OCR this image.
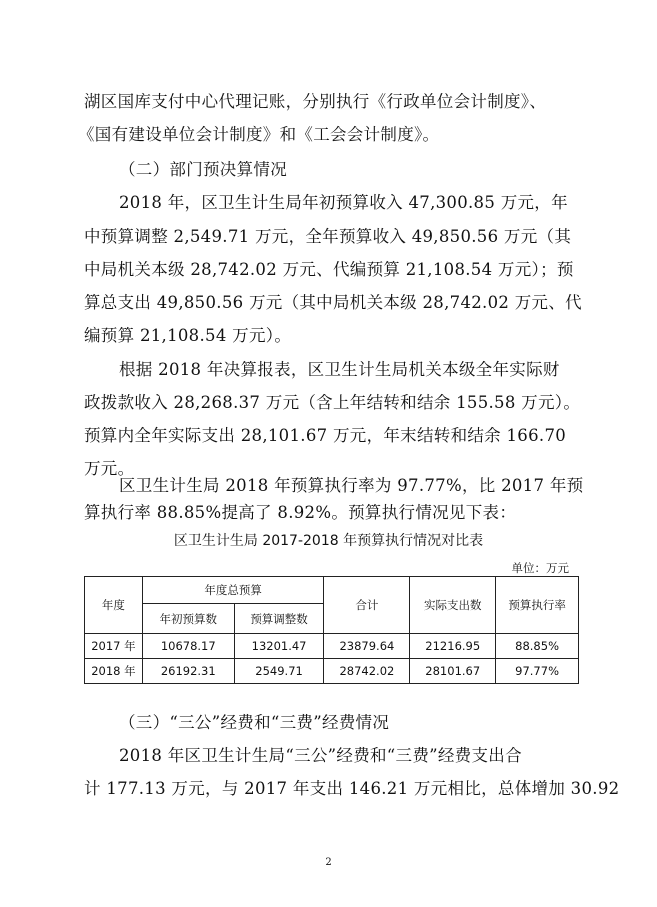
湖区国库支付中心代理记账，分别执行《行政单位会计制度》、
《国有建设单位会计制度》和《工会会计制度》。
（二）部门预决算情况
2018 年，区卫生计生局年初预算收入 47,300.85 万元，年
中预算调整 2,549.71 万元，全年预算收入 49,850.56 万元（其
中局机关本级 28,742.02 万元、代编预算 21,108.54 万元）；预
算总支出 49,850.56 万元（其中局机关本级 28,742.02 万元、代
编预算 21,108.54 万元）。
根据 2018 年决算报表，区卫生计生局机关本级全年实际财
政拨款收入 28,268.37 万元（含上年结转和结余 155.58 万元）。
预算内全年实际支出 28,101.67 万元，年末结转和结余 166.70
万元。
区卫生计生局 2018 年预算执行率为 97.77%，比 2017 年预
算执行率 88.85%提高了 8.92%。预算执行情况见下表：
区卫生计生局 2017-2018 年预算执行情况对比表
单位：万元
年度	年度总预算		合计	实际支出数	预算执行率
	年初预算数	预算调整数			
2017 年	10678.17	13201.47	23879.64	21216.95	88.85%
2018 年	26192.31	2549.71	28742.02	28101.67	97.77%
（三）“三公”经费和“三费”经费情况
2018 年区卫生计生局“三公”经费和“三费”经费支出合
计 177.13 万元，与 2017 年支出 146.21 万元相比，总体增加 30.92
2
